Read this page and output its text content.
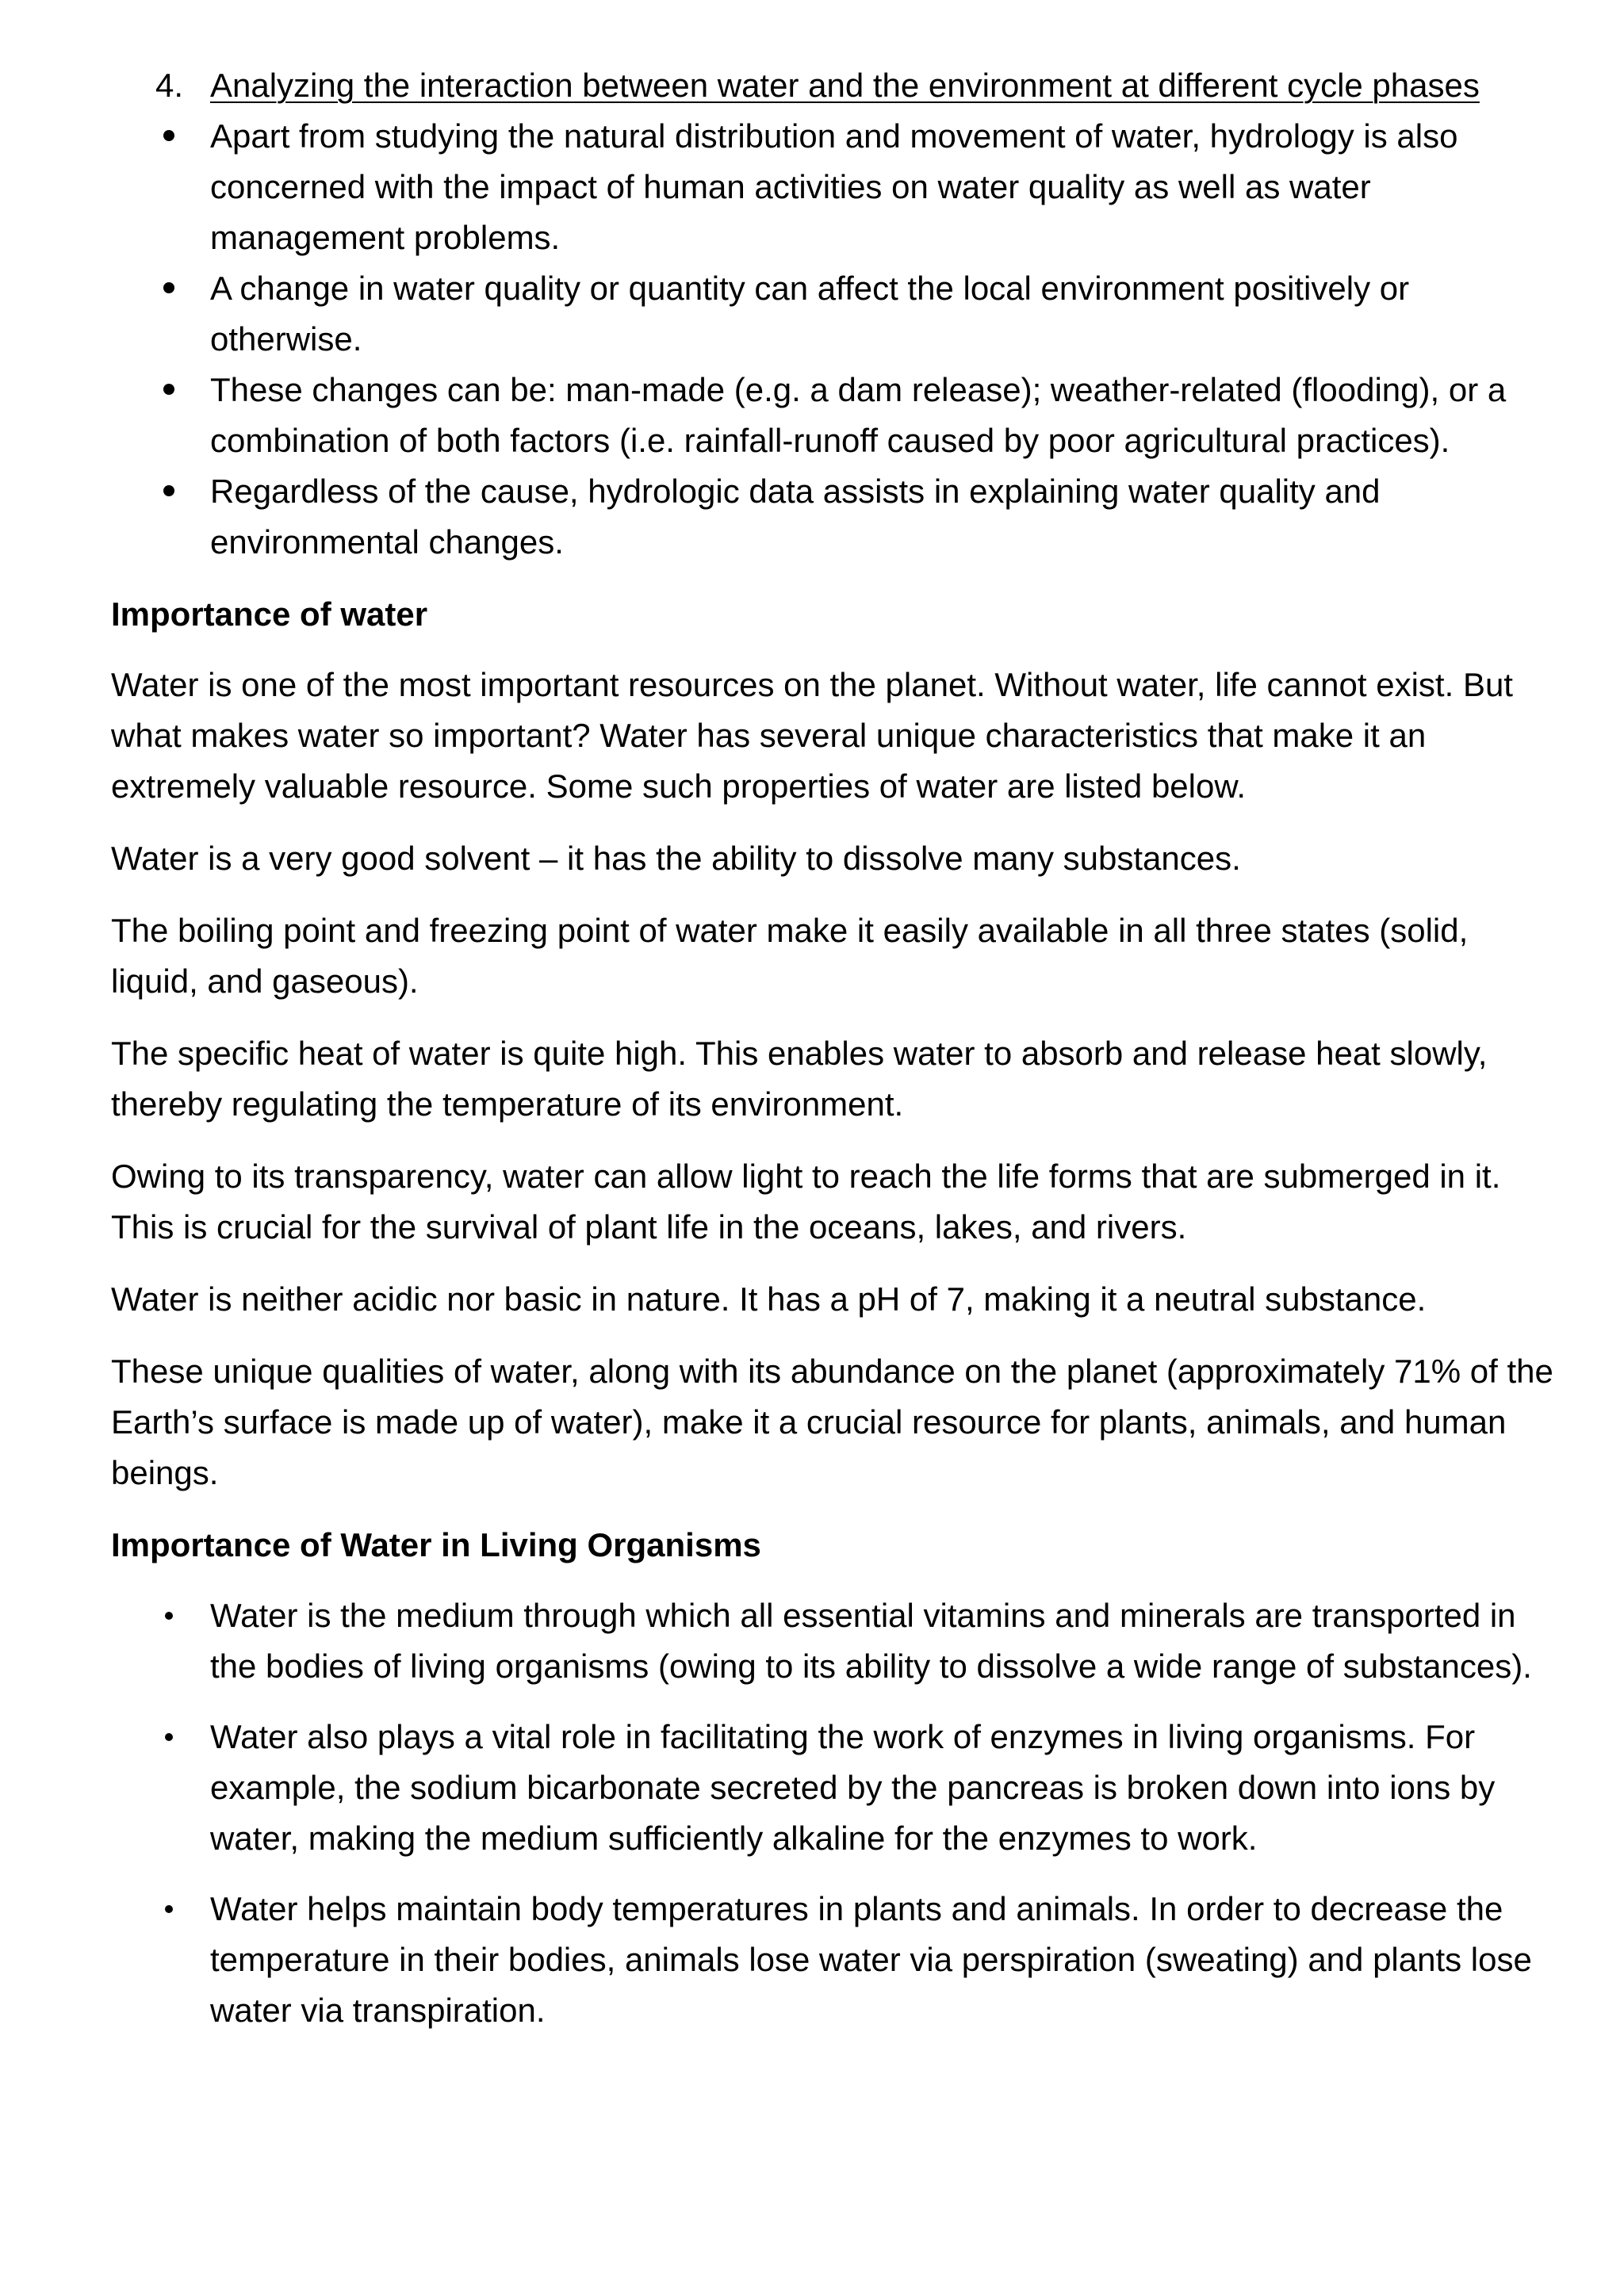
4. Analyzing the interaction between water and the environment at different cycle phases
Apart from studying the natural distribution and movement of water, hydrology is also concerned with the impact of human activities on water quality as well as water management problems.
A change in water quality or quantity can affect the local environment positively or otherwise.
These changes can be: man-made (e.g. a dam release); weather-related (flooding), or a combination of both factors (i.e. rainfall-runoff caused by poor agricultural practices).
Regardless of the cause, hydrologic data assists in explaining water quality and environmental changes.
Importance of water

Water is one of the most important resources on the planet. Without water, life cannot exist. But what makes water so important? Water has several unique characteristics that make it an extremely valuable resource. Some such properties of water are listed below.

Water is a very good solvent – it has the ability to dissolve many substances.

The boiling point and freezing point of water make it easily available in all three states (solid, liquid, and gaseous).

The specific heat of water is quite high. This enables water to absorb and release heat slowly, thereby regulating the temperature of its environment.

Owing to its transparency, water can allow light to reach the life forms that are submerged in it. This is crucial for the survival of plant life in the oceans, lakes, and rivers.

Water is neither acidic nor basic in nature. It has a pH of 7, making it a neutral substance.

These unique qualities of water, along with its abundance on the planet (approximately 71% of the Earth’s surface is made up of water), make it a crucial resource for plants, animals, and human beings.

Importance of Water in Living Organisms
Water is the medium through which all essential vitamins and minerals are transported in the bodies of living organisms (owing to its ability to dissolve a wide range of substances).
Water also plays a vital role in facilitating the work of enzymes in living organisms. For example, the sodium bicarbonate secreted by the pancreas is broken down into ions by water, making the medium sufficiently alkaline for the enzymes to work.
Water helps maintain body temperatures in plants and animals. In order to decrease the temperature in their bodies, animals lose water via perspiration (sweating) and plants lose water via transpiration.
